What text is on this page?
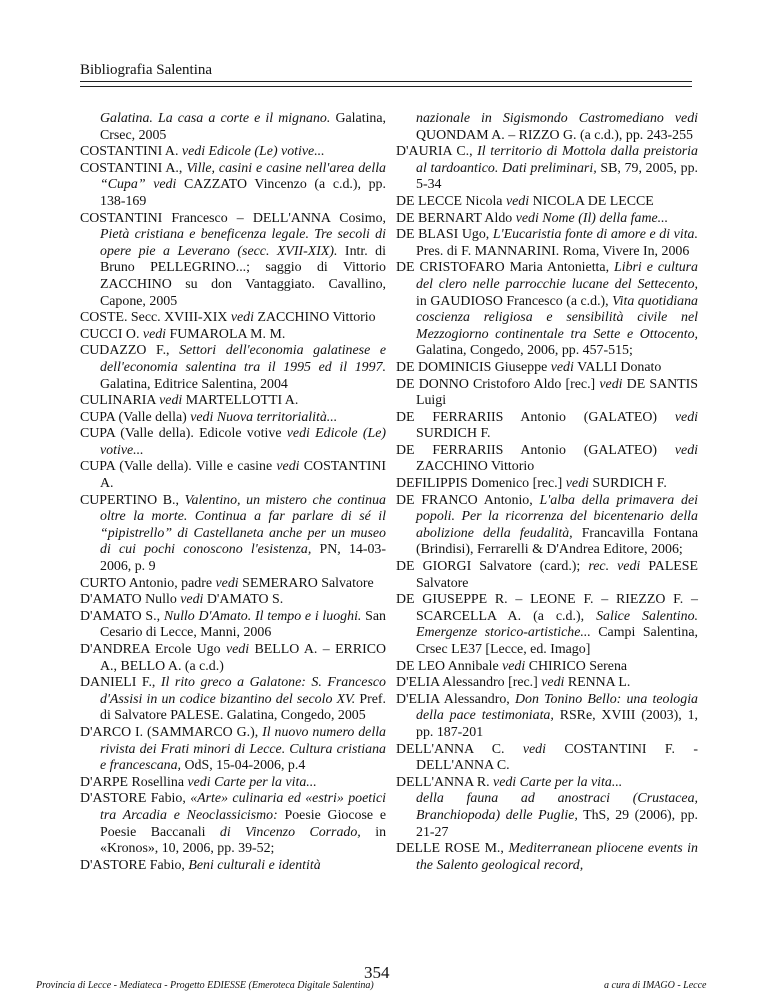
Bibliografia Salentina
Galatina. La casa a corte e il mignano. Galatina, Crsec, 2005
COSTANTINI A. vedi Edicole (Le) votive...
COSTANTINI A., Ville, casini e casine nell'area della “Cupa” vedi CAZZATO Vincenzo (a c.d.), pp. 138-169
COSTANTINI Francesco – DELL'ANNA Cosimo, Pietà cristiana e beneficenza legale. Tre secoli di opere pie a Leverano (secc. XVII-XIX). Intr. di Bruno PELLEGRINO...; saggio di Vittorio ZACCHINO su don Vantaggiato. Cavallino, Capone, 2005
COSTE. Secc. XVIII-XIX vedi ZACCHINO Vittorio
CUCCI O. vedi FUMAROLA M. M.
CUDAZZO F., Settori dell'economia galatinese e dell'economia salentina tra il 1995 ed il 1997. Galatina, Editrice Salentina, 2004
CULINARIA vedi MARTELLOTTI A.
CUPA (Valle della) vedi Nuova territorialità...
CUPA (Valle della). Edicole votive vedi Edicole (Le) votive...
CUPA (Valle della). Ville e casine vedi COSTANTINI A.
CUPERTINO B., Valentino, un mistero che continua oltre la morte. Continua a far parlare di sé il “pipistrello” di Castellaneta anche per un museo di cui pochi conoscono l'esistenza, PN, 14-03-2006, p. 9
CURTO Antonio, padre vedi SEMERARO Salvatore
D'AMATO Nullo vedi D'AMATO S.
D'AMATO S., Nullo D'Amato. Il tempo e i luoghi. San Cesario di Lecce, Manni, 2006
D'ANDREA Ercole Ugo vedi BELLO A. – ERRICO A., BELLO A. (a c.d.)
DANIELI F., Il rito greco a Galatone: S. Francesco d'Assisi in un codice bizantino del secolo XV. Pref. di Salvatore PALESE. Galatina, Congedo, 2005
D'ARCO I. (SAMMARCO G.), Il nuovo numero della rivista dei Frati minori di Lecce. Cultura cristiana e francescana, OdS, 15-04-2006, p.4
D'ARPE Rosellina vedi Carte per la vita...
D'ASTORE Fabio, «Arte» culinaria ed «estri» poetici tra Arcadia e Neoclassicismo: Poesie Giocose e Poesie Baccanali di Vincenzo Corrado, in «Kronos», 10, 2006, pp. 39-52;
D'ASTORE Fabio, Beni culturali e identità
nazionale in Sigismondo Castromediano vedi QUONDAM A. – RIZZO G. (a c.d.), pp. 243-255
D'AURIA C., Il territorio di Mottola dalla preistoria al tardoantico. Dati preliminari, SB, 79, 2005, pp. 5-34
DE LECCE Nicola vedi NICOLA DE LECCE
DE BERNART Aldo vedi Nome (Il) della fame...
DE BLASI Ugo, L'Eucaristia fonte di amore e di vita. Pres. di F. MANNARINI. Roma, Vivere In, 2006
DE CRISTOFARO Maria Antonietta, Libri e cultura del clero nelle parrocchie lucane del Settecento, in GAUDIOSO Francesco (a c.d.), Vita quotidiana coscienza religiosa e sensibilità civile nel Mezzogiorno continentale tra Sette e Ottocento, Galatina, Congedo, 2006, pp. 457-515;
DE DOMINICIS Giuseppe vedi VALLI Donato
DE DONNO Cristoforo Aldo [rec.] vedi DE SANTIS Luigi
DE FERRARIIS Antonio (GALATEO) vedi SURDICH F.
DE FERRARIIS Antonio (GALATEO) vedi ZACCHINO Vittorio
DEFILIPPIS Domenico [rec.] vedi SURDICH F.
DE FRANCO Antonio, L'alba della primavera dei popoli. Per la ricorrenza del bicentenario della abolizione della feudalità, Francavilla Fontana (Brindisi), Ferrarelli & D'Andrea Editore, 2006;
DE GIORGI Salvatore (card.); rec. vedi PALESE Salvatore
DE GIUSEPPE R. – LEONE F. – RIEZZO F. – SCARCELLA A. (a c.d.), Salice Salentino. Emergenze storico-artistiche... Campi Salentina, Crsec LE37 [Lecce, ed. Imago]
DE LEO Annibale vedi CHIRICO Serena
D'ELIA Alessandro [rec.] vedi RENNA L.
D'ELIA Alessandro, Don Tonino Bello: una teologia della pace testimoniata, RSRe, XVIII (2003), 1, pp. 187-201
DELL'ANNA C. vedi COSTANTINI F. - DELL'ANNA C.
DELL'ANNA R. vedi Carte per la vita...
della fauna ad anostraci (Crustacea, Branchiopoda) delle Puglie, ThS, 29 (2006), pp. 21-27
DELLE ROSE M., Mediterranean pliocene events in the Salento geological record,
354
Provincia di Lecce - Mediateca - Progetto EDIESSE (Emeroteca Digitale Salentina)	a cura di IMAGO - Lecce
